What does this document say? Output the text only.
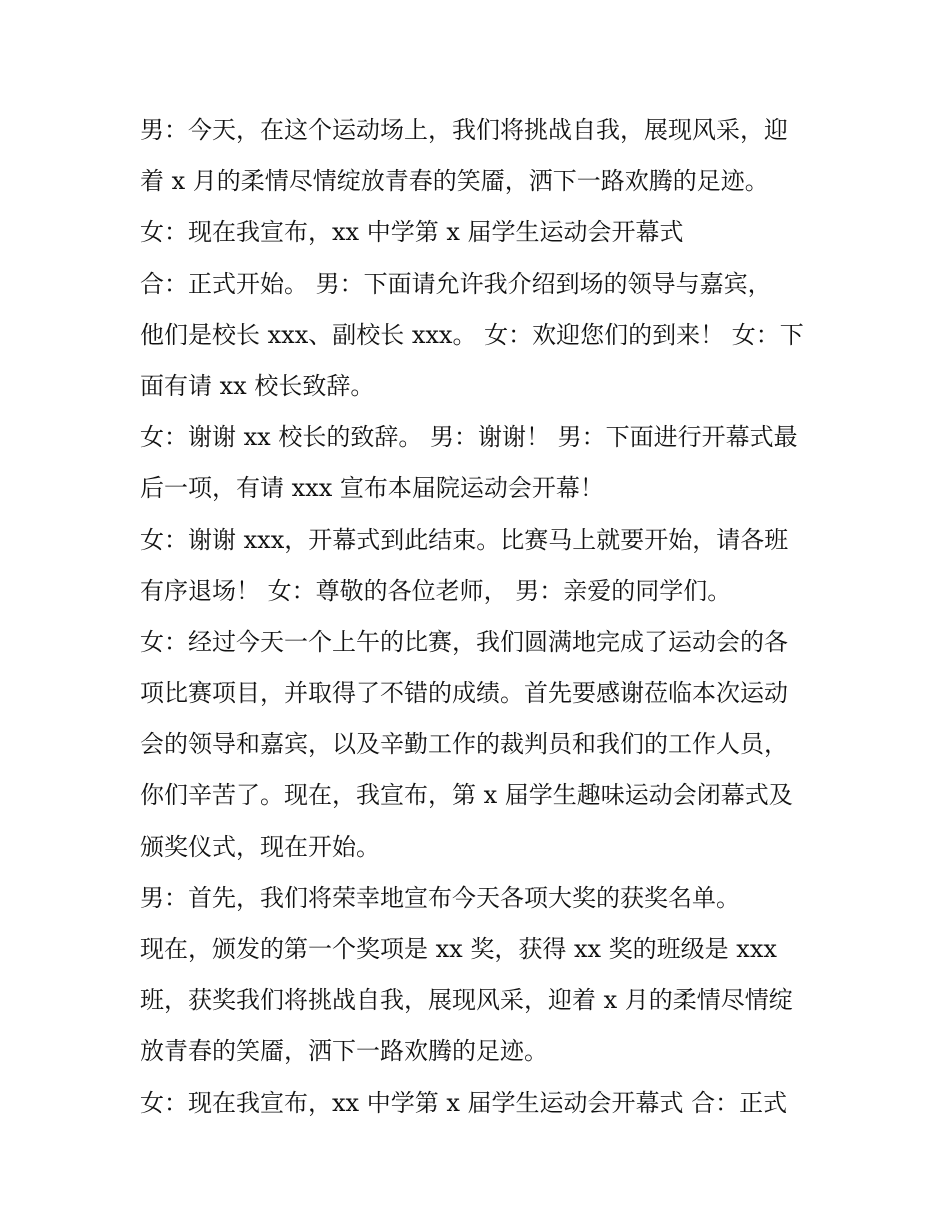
男：今天，在这个运动场上，我们将挑战自我，展现风采，迎
着 x 月的柔情尽情绽放青春的笑靥，洒下一路欢腾的足迹。
女：现在我宣布，xx 中学第 x 届学生运动会开幕式
合：正式开始。 男：下面请允许我介绍到场的领导与嘉宾，
他们是校长 xxx、副校长 xxx。 女：欢迎您们的到来！ 女：下
面有请 xx 校长致辞。
女：谢谢 xx 校长的致辞。 男：谢谢！ 男：下面进行开幕式最
后一项，有请 xxx 宣布本届院运动会开幕！
女：谢谢 xxx，开幕式到此结束。比赛马上就要开始，请各班
有序退场！ 女：尊敬的各位老师， 男：亲爱的同学们。
女：经过今天一个上午的比赛，我们圆满地完成了运动会的各
项比赛项目，并取得了不错的成绩。首先要感谢莅临本次运动
会的领导和嘉宾，以及辛勤工作的裁判员和我们的工作人员，
你们辛苦了。现在，我宣布，第 x 届学生趣味运动会闭幕式及
颁奖仪式，现在开始。
男：首先，我们将荣幸地宣布今天各项大奖的获奖名单。
现在，颁发的第一个奖项是 xx 奖，获得 xx 奖的班级是 xxx
班，获奖我们将挑战自我，展现风采，迎着 x 月的柔情尽情绽
放青春的笑靥，洒下一路欢腾的足迹。
女：现在我宣布，xx 中学第 x 届学生运动会开幕式 合：正式
